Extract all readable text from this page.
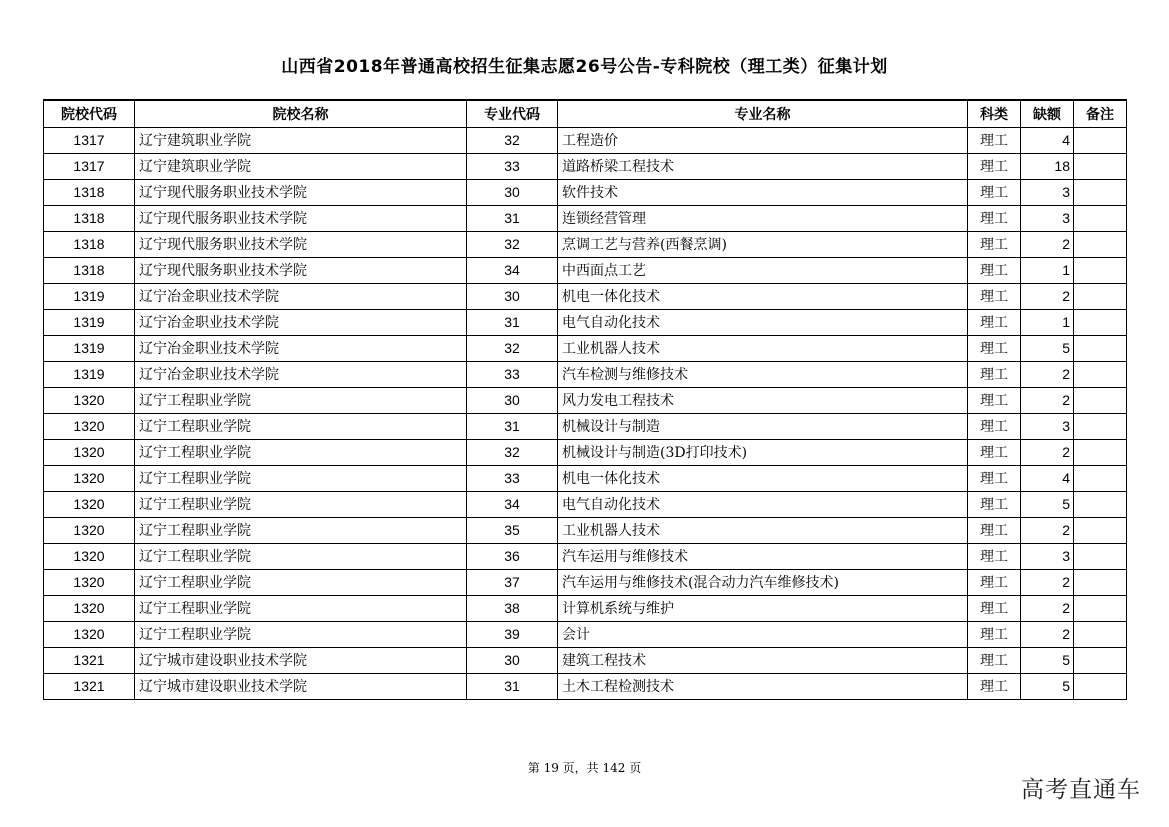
山西省2018年普通高校招生征集志愿26号公告-专科院校（理工类）征集计划
院校代码	院校名称	专业代码	专业名称	科类	缺额	备注
1317	辽宁建筑职业学院	32	工程造价	理工	4	
1317	辽宁建筑职业学院	33	道路桥梁工程技术	理工	18	
1318	辽宁现代服务职业技术学院	30	软件技术	理工	3	
1318	辽宁现代服务职业技术学院	31	连锁经营管理	理工	3	
1318	辽宁现代服务职业技术学院	32	烹调工艺与营养(西餐烹调)	理工	2	
1318	辽宁现代服务职业技术学院	34	中西面点工艺	理工	1	
1319	辽宁冶金职业技术学院	30	机电一体化技术	理工	2	
1319	辽宁冶金职业技术学院	31	电气自动化技术	理工	1	
1319	辽宁冶金职业技术学院	32	工业机器人技术	理工	5	
1319	辽宁冶金职业技术学院	33	汽车检测与维修技术	理工	2	
1320	辽宁工程职业学院	30	风力发电工程技术	理工	2	
1320	辽宁工程职业学院	31	机械设计与制造	理工	3	
1320	辽宁工程职业学院	32	机械设计与制造(3D打印技术)	理工	2	
1320	辽宁工程职业学院	33	机电一体化技术	理工	4	
1320	辽宁工程职业学院	34	电气自动化技术	理工	5	
1320	辽宁工程职业学院	35	工业机器人技术	理工	2	
1320	辽宁工程职业学院	36	汽车运用与维修技术	理工	3	
1320	辽宁工程职业学院	37	汽车运用与维修技术(混合动力汽车维修技术)	理工	2	
1320	辽宁工程职业学院	38	计算机系统与维护	理工	2	
1320	辽宁工程职业学院	39	会计	理工	2	
1321	辽宁城市建设职业技术学院	30	建筑工程技术	理工	5	
1321	辽宁城市建设职业技术学院	31	土木工程检测技术	理工	5	
第 19 页，共 142 页
高考直通车
